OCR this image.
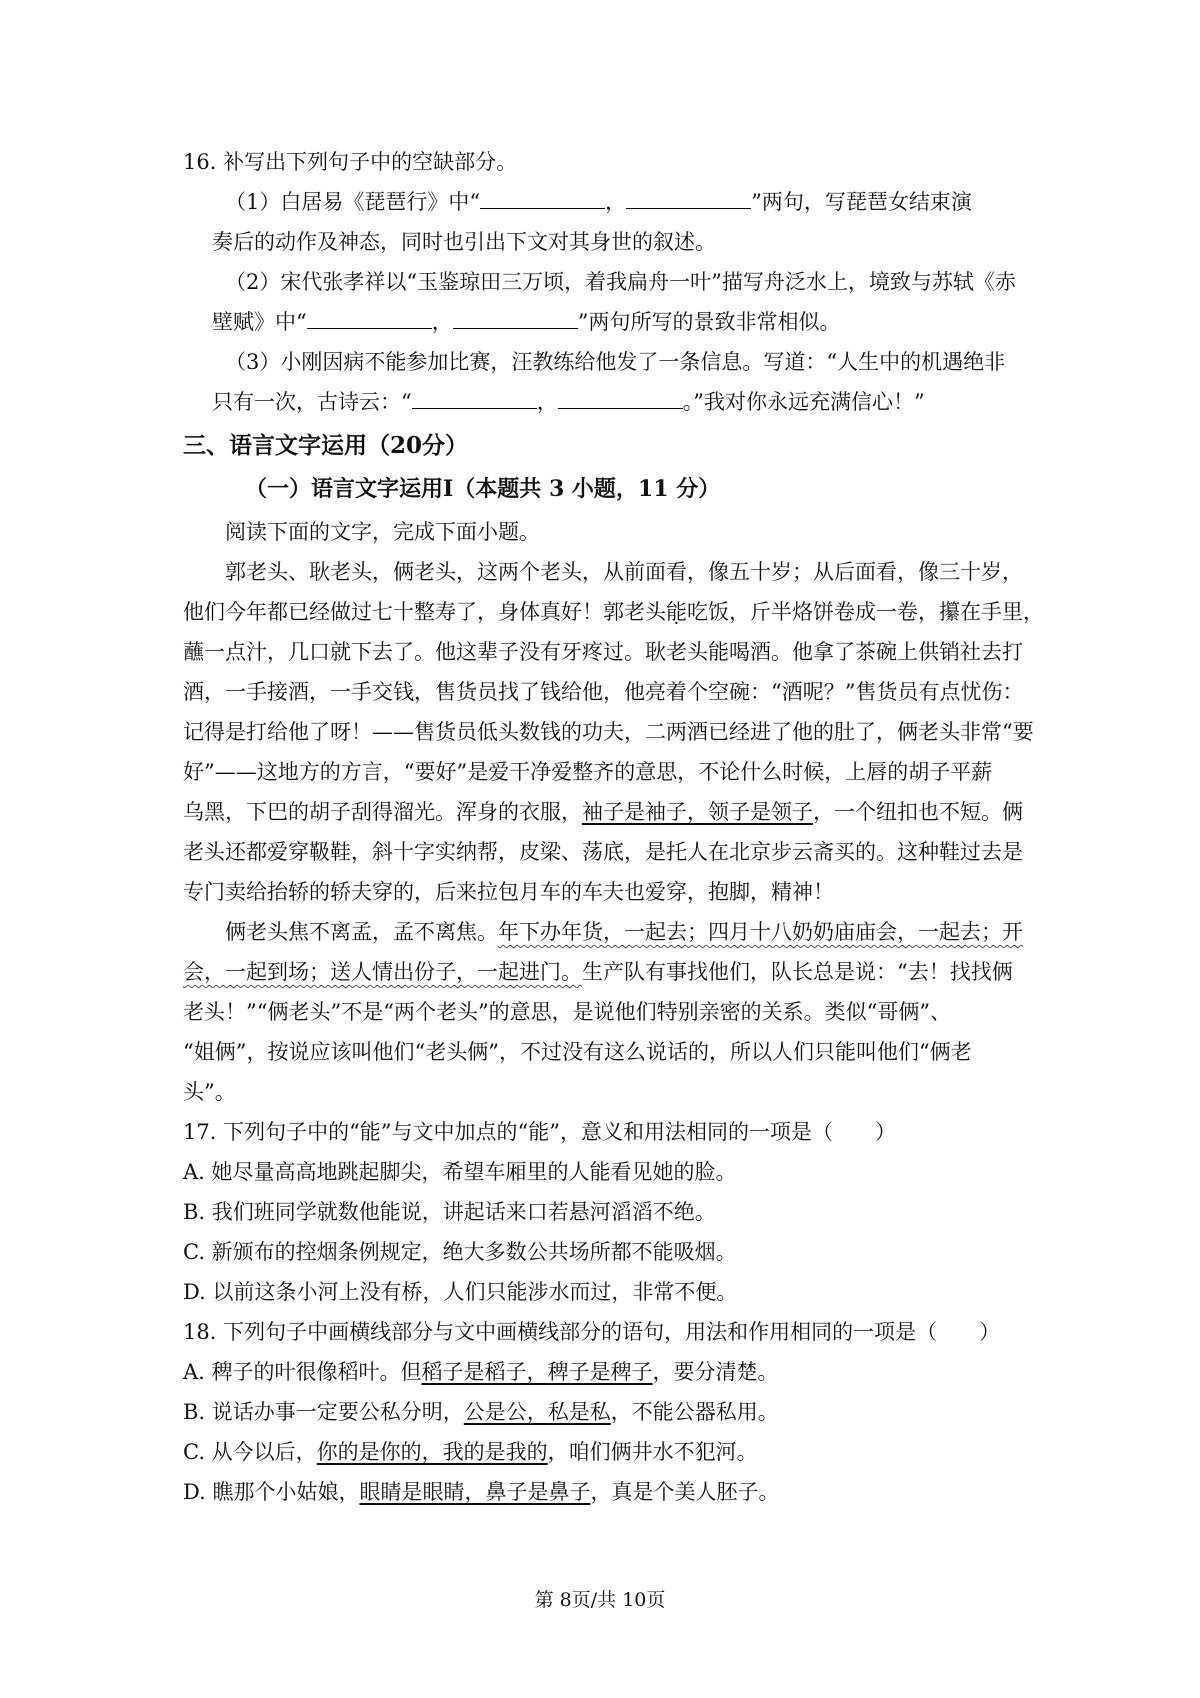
16. 补写出下列句子中的空缺部分。
（1）白居易《琵琶行》中“	，	”两句，写琵琶女结束演
奏后的动作及神态，同时也引出下文对其身世的叙述。
（2）宋代张孝祥以“玉鉴琼田三万顷，着我扁舟一叶”描写舟泛水上，境致与苏轼《赤
壁赋》中“	，	”两句所写的景致非常相似。
（3）小刚因病不能参加比赛，汪教练给他发了一条信息。写道：“人生中的机遇绝非
只有一次，古诗云：“	，	。”我对你永远充满信心！”
三、语言文字运用（20分）
（一）语言文字运用Ⅰ（本题共 3 小题，11 分）
阅读下面的文字，完成下面小题。
郭老头、耿老头，俩老头，这两个老头，从前面看，像五十岁；从后面看，像三十岁，
他们今年都已经做过七十整寿了，身体真好！郭老头能吃饭，斤半烙饼卷成一卷，攥在手里，
蘸一点汁，几口就下去了。他这辈子没有牙疼过。耿老头能喝酒。他拿了茶碗上供销社去打
酒，一手接酒，一手交钱，售货员找了钱给他，他亮着个空碗：“酒呢？”售货员有点忧伤：
记得是打给他了呀！——售货员低头数钱的功夫，二两酒已经进了他的肚了，俩老头非常“要
好”——这地方的方言，“要好”是爱干净爱整齐的意思，不论什么时候，上唇的胡子平薪
乌黑，下巴的胡子刮得溜光。浑身的衣服，袖子是袖子，领子是领子，一个纽扣也不短。俩
老头还都爱穿靸鞋，斜十字实纳帮，皮梁、荡底，是托人在北京步云斋买的。这种鞋过去是
专门卖给抬轿的轿夫穿的，后来拉包月车的车夫也爱穿，抱脚，精神！
俩老头焦不离孟，孟不离焦。年下办年货，一起去；四月十八奶奶庙庙会，一起去；开
会，一起到场；送人情出份子，一起进门。生产队有事找他们，队长总是说：“去！找找俩
老头！”“俩老头”不是“两个老头”的意思，是说他们特别亲密的关系。类似“哥俩”、
“姐俩”，按说应该叫他们“老头俩”，不过没有这么说话的，所以人们只能叫他们“俩老
头”。
17. 下列句子中的“能”与文中加点的“能”，意义和用法相同的一项是（　　）
A. 她尽量高高地跳起脚尖，希望车厢里的人能看见她的脸。
B. 我们班同学就数他能说，讲起话来口若悬河滔滔不绝。
C. 新颁布的控烟条例规定，绝大多数公共场所都不能吸烟。
D. 以前这条小河上没有桥，人们只能涉水而过，非常不便。
18. 下列句子中画横线部分与文中画横线部分的语句，用法和作用相同的一项是（　　）
A. 稗子的叶很像稻叶。但稻子是稻子，稗子是稗子，要分清楚。
B. 说话办事一定要公私分明，公是公，私是私，不能公器私用。
C. 从今以后，你的是你的，我的是我的，咱们俩井水不犯河。
D. 瞧那个小姑娘，眼睛是眼睛，鼻子是鼻子，真是个美人胚子。
第 8页/共 10页
